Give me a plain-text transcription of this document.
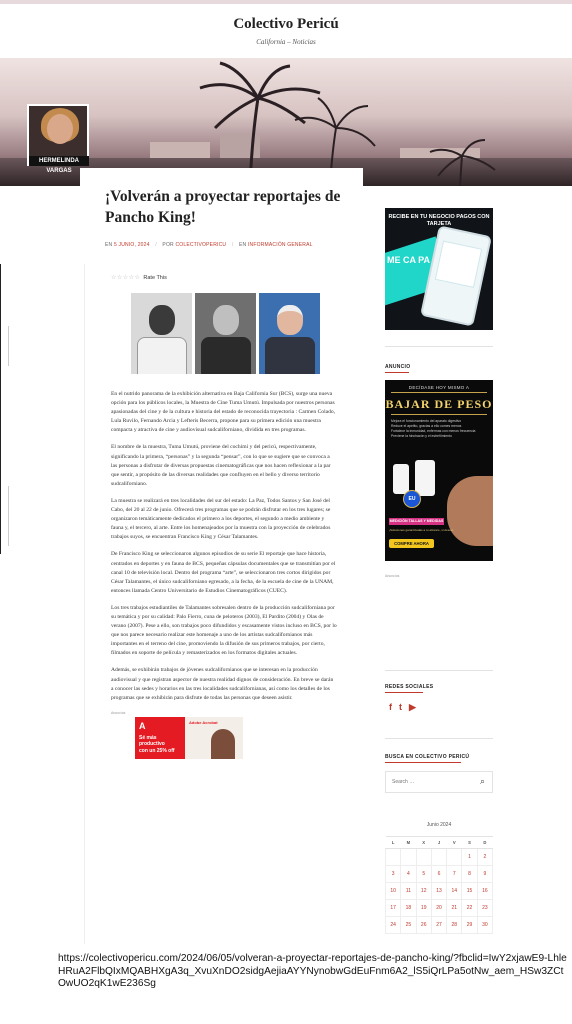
Colectivo Pericú
California – Noticias
HERMELINDA VARGAS
¡Volverán a proyectar reportajes de Pancho King!
EN 5 JUNIO, 2024 / POR COLECTIVOPERICU / EN INFORMACIÓN GENERAL
☆☆☆☆☆ Rate This

En el nutrido panorama de la exhibición alternativa en Baja California Sur (BCS), surge una nueva opción para los públicos locales, la Muestra de Cine Tuma Umutú. Impulsada por nuestros personas apasionadas del cine y de la cultura e historia del estado de reconocida trayectoria : Carmen Colado, Lula Ruvilo, Fernando Arcia y Lefteris Becerra, propone para su primera edición una muestra compacta y atractiva de cine y audiovisual sudcaliforniano, dividida en tres programas.

El nombre de la muestra, Tuma Umutú, proviene del cochimí y del pericú, respectivamente, significando la primera, “personas” y la segunda “pensar”, con lo que se sugiere que se convoca a las personas a disfrutar de diversas propuestas cinematográficas que nos hacen reflexionar a la par que sentir, a propósito de las diversas realidades que confluyen en el bello y diverso territorio sudcaliforniano.

La muestra se realizará en tres localidades del sur del estado: La Paz, Todos Santos y San José del Cabo, del 20 al 22 de junio. Ofrecerá tres programas que se podrán disfrutar en los tres lugares; se organizaron temáticamente dedicados el primero a los deportes, el segundo a medio ambiente y fauna y, el tercero, al arte. Entre los homenajeados por la muestra con la proyección de celebrados trabajos suyos, se encuentran Francisco King y César Talamantes.

De Francisco King se seleccionaron algunos episodios de su serie El reportaje que hace historia, centrados en deportes y en fauna de BCS, pequeñas cápsulas documentales que se transmitían por el canal 10 de televisión local. Dentro del programa “arte”, se seleccionaron tres cortos dirigidos por César Talamantes, el único sudcaliforniano egresado, a la fecha, de la escuela de cine de la UNAM, entonces llamada Centro Universitario de Estudios Cinematográficos (CUEC).

Los tres trabajos estudiantiles de Talamantes sobresalen dentro de la producción sudcaliforniana por su temática y por su calidad: Palo Fierro, cuna de peloteros (2003), El Pardito (2004) y Olas de verano (2007). Pese a ello, son trabajos poco difundidos y escasamente vistos incluso en BCS, por lo que nos parece necesario realizar este homenaje a uno de los artistas sudcalifornianos más importantes en el terreno del cine, promoviendo la difusión de sus primeros trabajos, por cierto, filmados en soporte de película y remasterizados en los formatos digitales actuales.

Además, se exhibirán trabajos de jóvenes sudcalifornianos que se interesan en la producción audiovisual y que registran aspector de nuestra realidad dignos de consideración. En breve se darán a conocer las sedes y horarios en las tres localidades sudcalifornianas, así como los detalles de los programas que se exhibirán para disfrute de todas las personas que deseen asistir.

Anuncios
A
Sé más productivo
con un 25% off
Adobe Acrobat
RECIBE EN TU NEGOCIO PAGOS CON TARJETA
ME CA PA
ANUNCIO
DECÍDASE HOY MISMO A
BAJAR DE PESO
Mejora el funcionamiento del aparato digestivo
Reduce el apetito, gracias a ello comes menos
Fortalece la inmunidad, enfermas con menos frecuencia
Previene la hinchazón y el estreñimiento
EU
MEDICIÓN TALLAS Y MEDIDAS
¡Soluciones garantizadas a tu alcance, si desea!
COMPRE AHORA
Anuncios
REDES SOCIALES
f t ▶
BUSCA EN COLECTIVO PERICÚ
Search …
⌕
Junio 2024
L	M	X	J	V	S	D
					1	2
3	4	5	6	7	8	9
10	11	12	13	14	15	16
17	18	19	20	21	22	23
24	25	26	27	28	29	30
https://colectivopericu.com/2024/06/05/volveran-a-proyectar-reportajes-de-pancho-king/?fbclid=IwY2xjawE9-LhleHRuA2FlbQIxMQABHXgA3q_XvuXnDO2sidgAejiaAYYNynobwGdEuFnm6A2_lS5iQrLPa5otNw_aem_HSw3ZCtOwUO2qK1wE236Sg
